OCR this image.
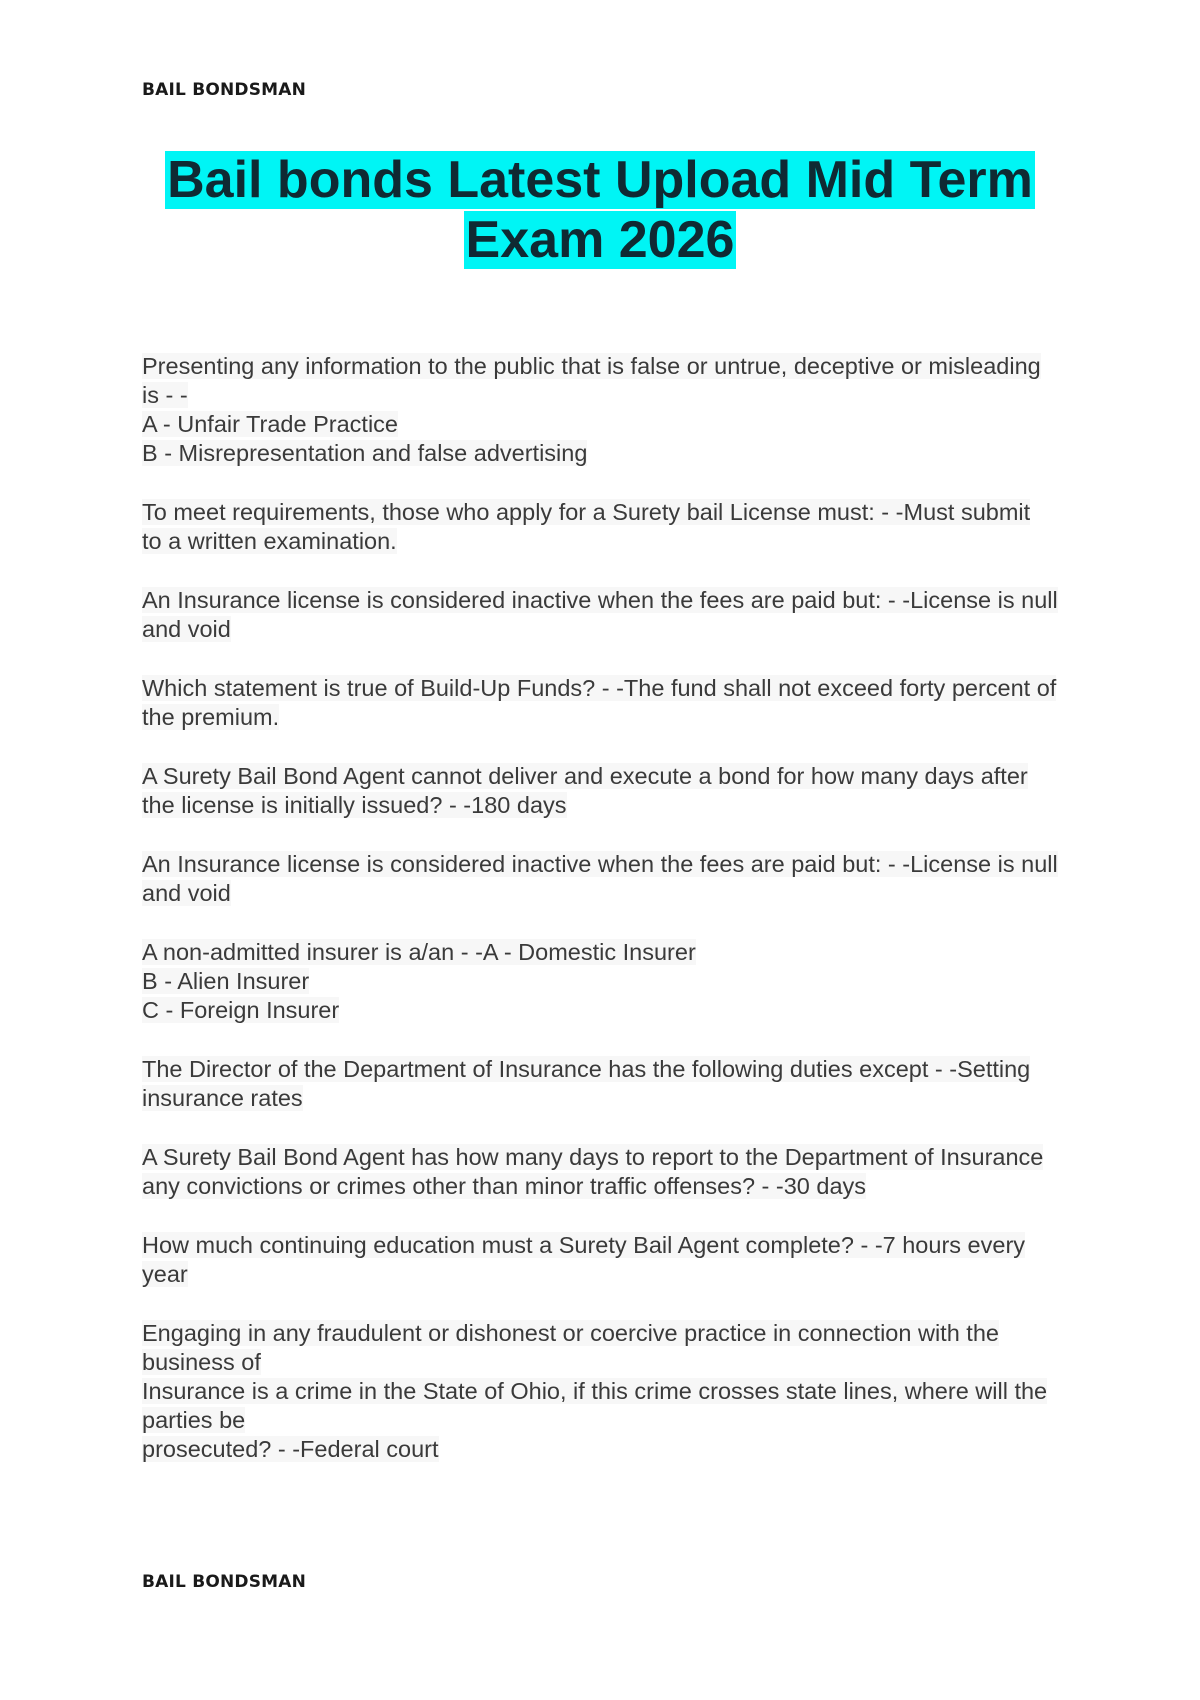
BAIL BONDSMAN
Bail bonds Latest Upload Mid Term
Exam 2026
Presenting any information to the public that is false or untrue, deceptive or misleading
is - -
A - Unfair Trade Practice
B - Misrepresentation and false advertising
To meet requirements, those who apply for a Surety bail License must: - -Must submit
to a written examination.
An Insurance license is considered inactive when the fees are paid but: - -License is null
and void
Which statement is true of Build-Up Funds? - -The fund shall not exceed forty percent of
the premium.
A Surety Bail Bond Agent cannot deliver and execute a bond for how many days after
the license is initially issued? - -180 days
An Insurance license is considered inactive when the fees are paid but: - -License is null
and void
A non-admitted insurer is a/an - -A - Domestic Insurer
B - Alien Insurer
C - Foreign Insurer
The Director of the Department of Insurance has the following duties except - -Setting
insurance rates
A Surety Bail Bond Agent has how many days to report to the Department of Insurance
any convictions or crimes other than minor traffic offenses? - -30 days
How much continuing education must a Surety Bail Agent complete? - -7 hours every
year
Engaging in any fraudulent or dishonest or coercive practice in connection with the
business of
Insurance is a crime in the State of Ohio, if this crime crosses state lines, where will the
parties be
prosecuted? - -Federal court
BAIL BONDSMAN
